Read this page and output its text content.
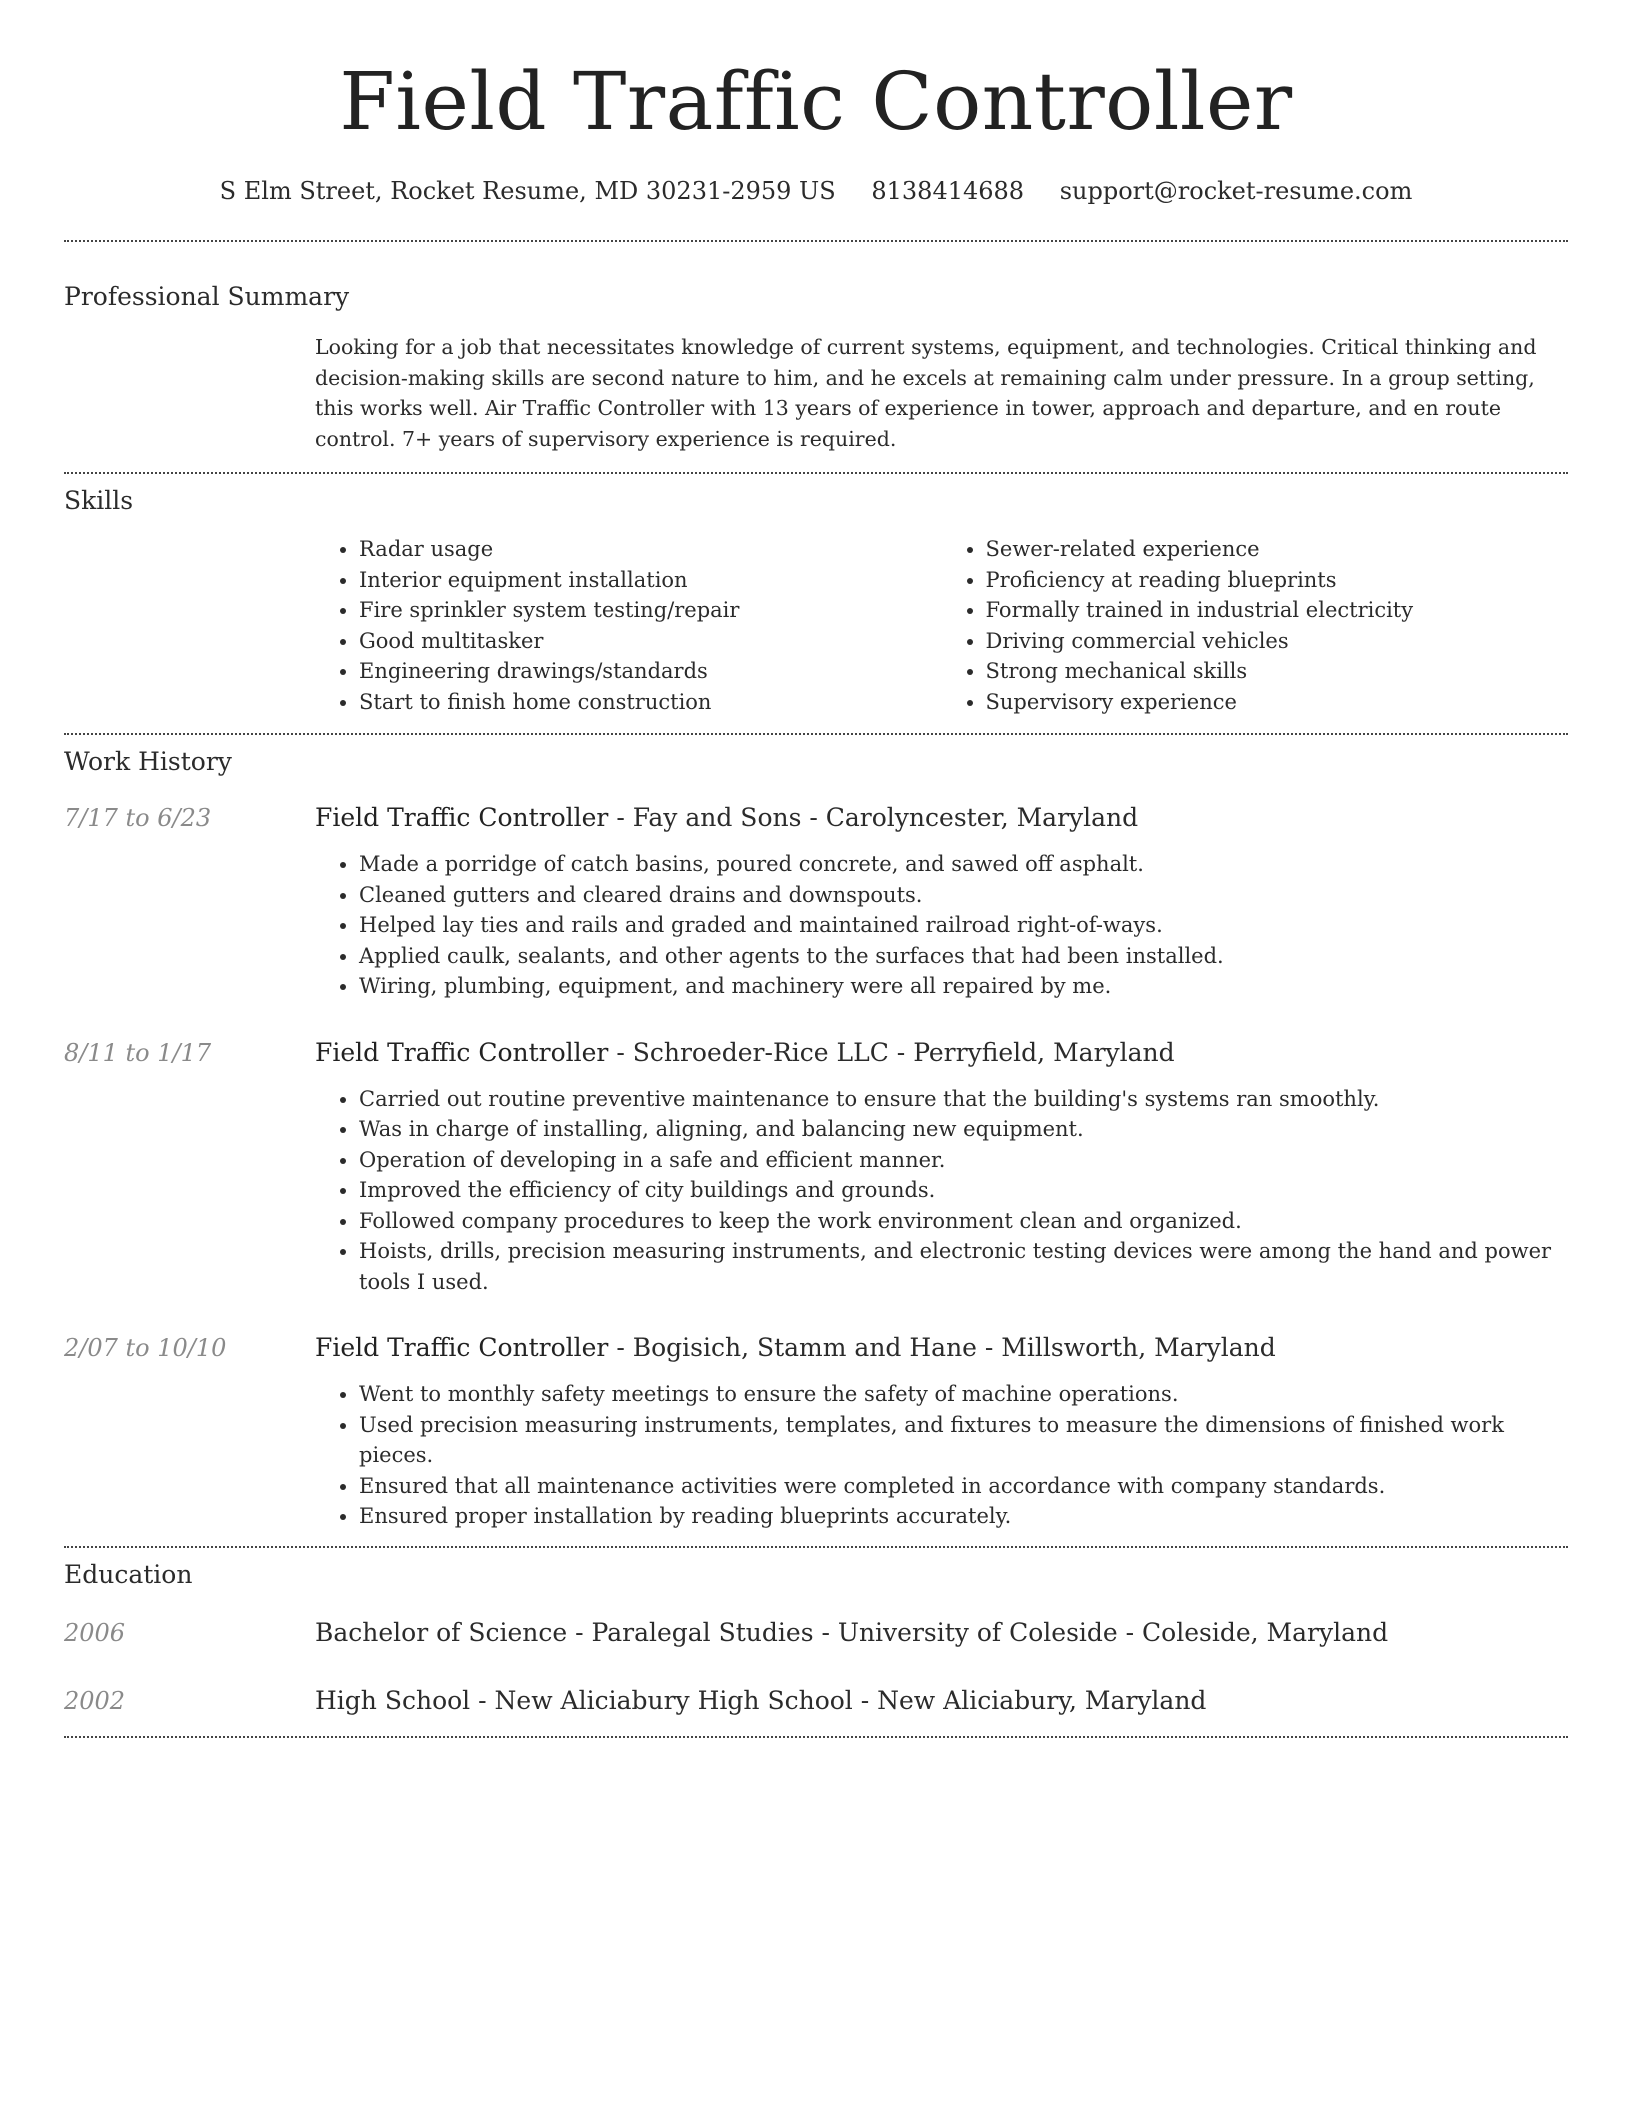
Field Traffic Controller
S Elm Street, Rocket Resume, MD 30231-2959 US 8138414688 support@rocket-resume.com
Professional Summary

Looking for a job that necessitates knowledge of current systems, equipment, and technologies. Critical thinking and decision-making skills are second nature to him, and he excels at remaining calm under pressure. In a group setting, this works well. Air Traffic Controller with 13 years of experience in tower, approach and departure, and en route control. 7+ years of supervisory experience is required.

Skills
• Radar usage
• Interior equipment installation
• Fire sprinkler system testing/repair
• Good multitasker
• Engineering drawings/standards
• Start to finish home construction
• Sewer-related experience
• Proficiency at reading blueprints
• Formally trained in industrial electricity
• Driving commercial vehicles
• Strong mechanical skills
• Supervisory experience
Work History
7/17 to 6/23	Field Traffic Controller - Fay and Sons - Carolyncester, Maryland
• Made a porridge of catch basins, poured concrete, and sawed off asphalt.
• Cleaned gutters and cleared drains and downspouts.
• Helped lay ties and rails and graded and maintained railroad right-of-ways.
• Applied caulk, sealants, and other agents to the surfaces that had been installed.
• Wiring, plumbing, equipment, and machinery were all repaired by me.
8/11 to 1/17	Field Traffic Controller - Schroeder-Rice LLC - Perryfield, Maryland
• Carried out routine preventive maintenance to ensure that the building's systems ran smoothly.
• Was in charge of installing, aligning, and balancing new equipment.
• Operation of developing in a safe and efficient manner.
• Improved the efficiency of city buildings and grounds.
• Followed company procedures to keep the work environment clean and organized.
• Hoists, drills, precision measuring instruments, and electronic testing devices were among the hand and power tools I used.
2/07 to 10/10	Field Traffic Controller - Bogisich, Stamm and Hane - Millsworth, Maryland
• Went to monthly safety meetings to ensure the safety of machine operations.
• Used precision measuring instruments, templates, and fixtures to measure the dimensions of finished work pieces.
• Ensured that all maintenance activities were completed in accordance with company standards.
• Ensured proper installation by reading blueprints accurately.
Education
2006	Bachelor of Science - Paralegal Studies - University of Coleside - Coleside, Maryland
2002	High School - New Aliciabury High School - New Aliciabury, Maryland
